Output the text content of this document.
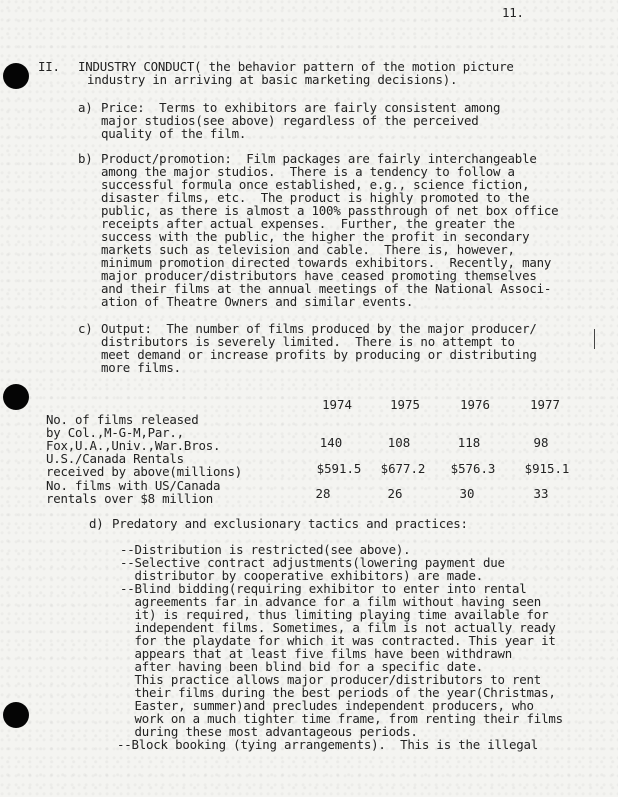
11.
II. INDUSTRY CONDUCT( the behavior pattern of the motion picture
industry in arriving at basic marketing decisions).
a) Price:  Terms to exhibitors are fairly consistent among
major studios(see above) regardless of the perceived
quality of the film.
b) Product/promotion:  Film packages are fairly interchangeable
among the major studios.  There is a tendency to follow a
successful formula once established, e.g., science fiction,
disaster films, etc.  The product is highly promoted to the
public, as there is almost a 100% passthrough of net box office
receipts after actual expenses.  Further, the greater the
success with the public, the higher the profit in secondary
markets such as television and cable.  There is, however,
minimum promotion directed towards exhibitors.  Recently, many
major producer/distributors have ceased promoting themselves
and their films at the annual meetings of the National Associ-
ation of Theatre Owners and similar events.
c) Output:  The number of films produced by the major producer/
distributors is severely limited.  There is no attempt to
meet demand or increase profits by producing or distributing
more films.
1974	1975	1976	1977
No. of films released
by Col.,M-G-M,Par.,
Fox,U.A.,Univ.,War.Bros.	140	108	118	98
U.S./Canada Rentals
received by above(millions)	$591.5	$677.2	$576.3	$915.1
No. films with US/Canada
rentals over $8 million	28	26	30	33
d) Predatory and exclusionary tactics and practices:
--Distribution is restricted(see above).
--Selective contract adjustments(lowering payment due
distributor by cooperative exhibitors) are made.
--Blind bidding(requiring exhibitor to enter into rental
agreements far in advance for a film without having seen
it) is required, thus limiting playing time available for
independent films. Sometimes, a film is not actually ready
for the playdate for which it was contracted. This year it
appears that at least five films have been withdrawn
after having been blind bid for a specific date.
This practice allows major producer/distributors to rent
their films during the best periods of the year(Christmas,
Easter, summer)and precludes independent producers, who
work on a much tighter time frame, from renting their films
during these most advantageous periods.
--Block booking (tying arrangements).  This is the illegal
